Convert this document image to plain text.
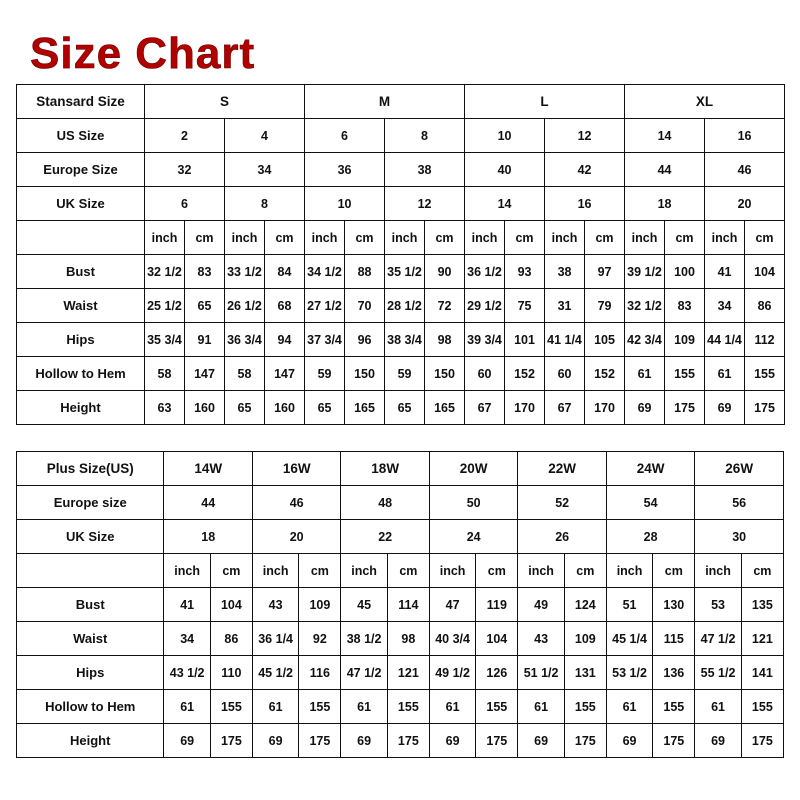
Size Chart
Stansard Size	S				M				L				XL			
US Size	2		4		6		8		10		12		14		16	
Europe Size	32		34		36		38		40		42		44		46	
UK Size	6		8		10		12		14		16		18		20	
	inch	cm	inch	cm	inch	cm	inch	cm	inch	cm	inch	cm	inch	cm	inch	cm
Bust	32 1/2	83	33 1/2	84	34 1/2	88	35 1/2	90	36 1/2	93	38	97	39 1/2	100	41	104
Waist	25 1/2	65	26 1/2	68	27 1/2	70	28 1/2	72	29 1/2	75	31	79	32 1/2	83	34	86
Hips	35 3/4	91	36 3/4	94	37 3/4	96	38 3/4	98	39 3/4	101	41 1/4	105	42 3/4	109	44 1/4	112
Hollow to Hem	58	147	58	147	59	150	59	150	60	152	60	152	61	155	61	155
Height	63	160	65	160	65	165	65	165	67	170	67	170	69	175	69	175
Plus Size(US)	14W		16W		18W		20W		22W		24W		26W	
Europe size	44		46		48		50		52		54		56	
UK Size	18		20		22		24		26		28		30	
	inch	cm	inch	cm	inch	cm	inch	cm	inch	cm	inch	cm	inch	cm
Bust	41	104	43	109	45	114	47	119	49	124	51	130	53	135
Waist	34	86	36 1/4	92	38 1/2	98	40 3/4	104	43	109	45 1/4	115	47 1/2	121
Hips	43 1/2	110	45 1/2	116	47 1/2	121	49 1/2	126	51 1/2	131	53 1/2	136	55 1/2	141
Hollow to Hem	61	155	61	155	61	155	61	155	61	155	61	155	61	155
Height	69	175	69	175	69	175	69	175	69	175	69	175	69	175
